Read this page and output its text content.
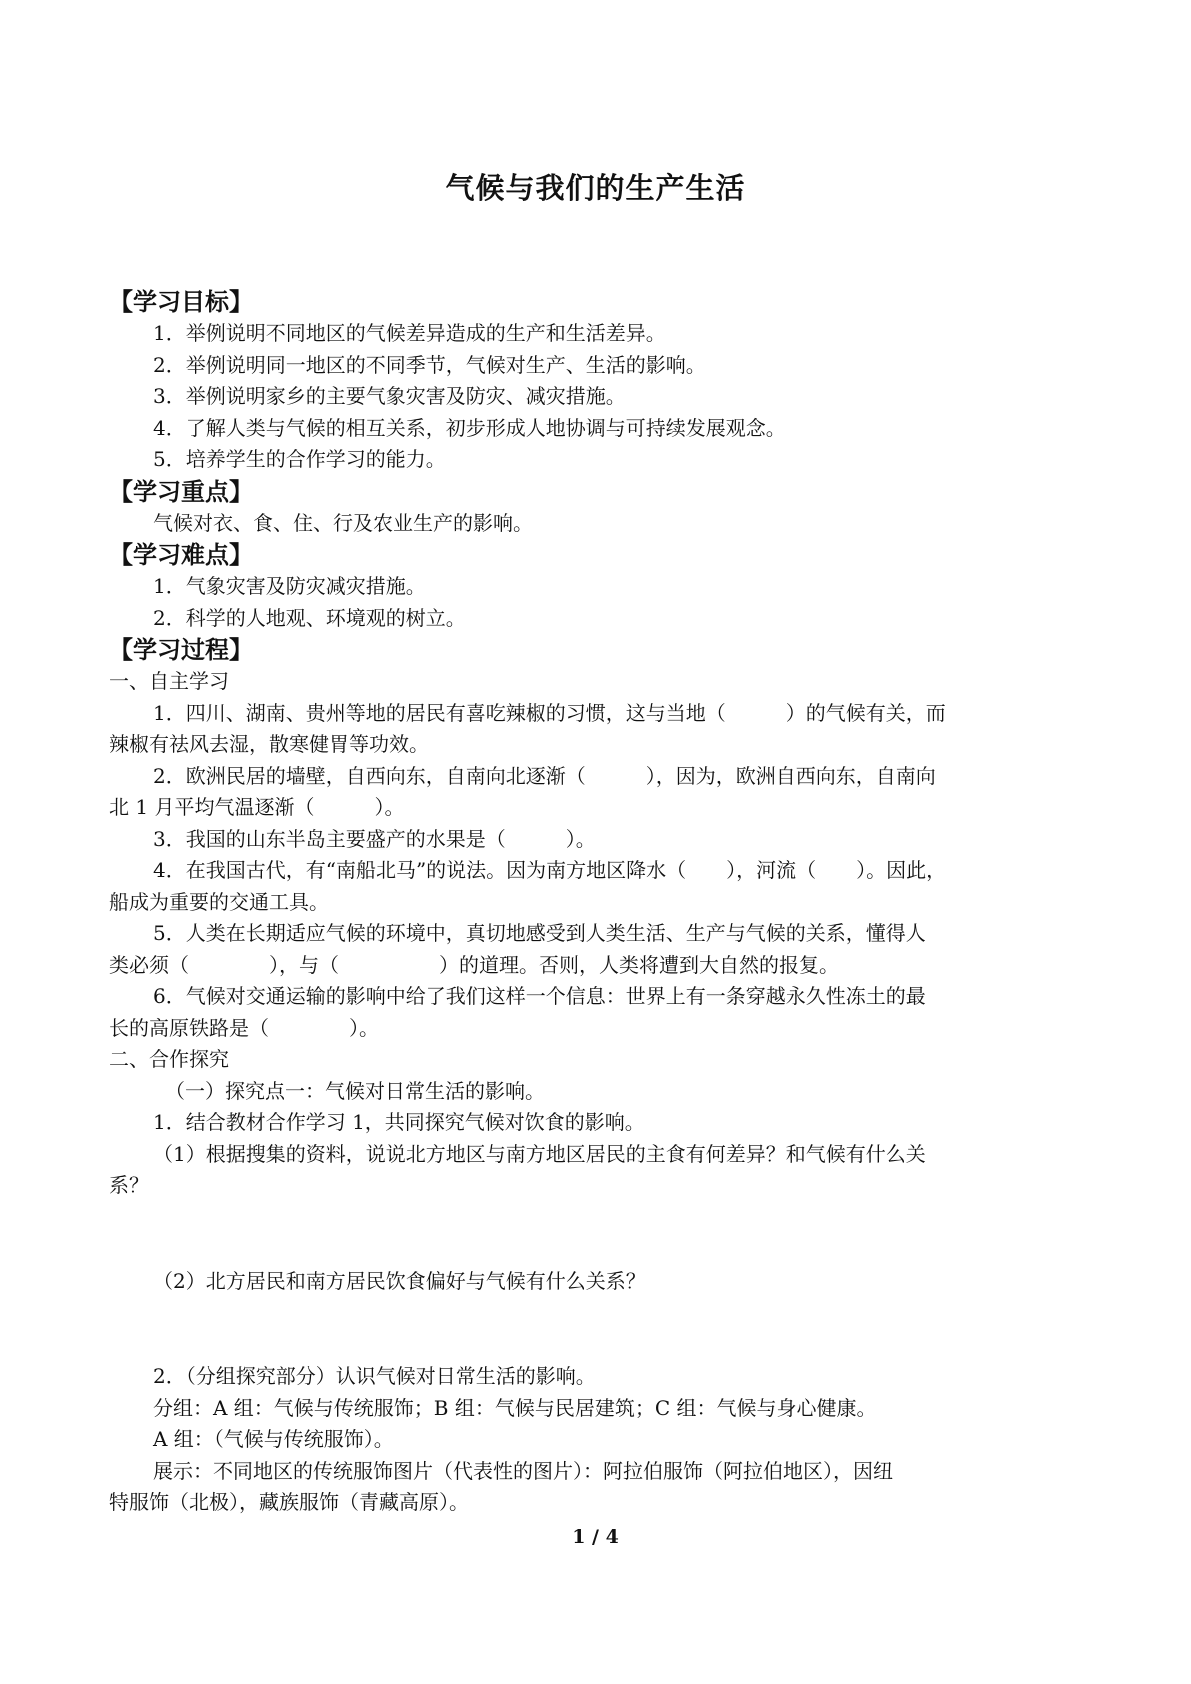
气候与我们的生产生活
【学习目标】
1．举例说明不同地区的气候差异造成的生产和生活差异。
2．举例说明同一地区的不同季节，气候对生产、生活的影响。
3．举例说明家乡的主要气象灾害及防灾、减灾措施。
4．了解人类与气候的相互关系，初步形成人地协调与可持续发展观念。
5．培养学生的合作学习的能力。
【学习重点】
气候对衣、食、住、行及农业生产的影响。
【学习难点】
1．气象灾害及防灾减灾措施。
2．科学的人地观、环境观的树立。
【学习过程】
一、自主学习
1．四川、湖南、贵州等地的居民有喜吃辣椒的习惯，这与当地（　　　）的气候有关，而
辣椒有祛风去湿，散寒健胃等功效。
2．欧洲民居的墙壁，自西向东，自南向北逐渐（　　　），因为，欧洲自西向东，自南向
北 1 月平均气温逐渐（　　　）。
3．我国的山东半岛主要盛产的水果是（　　　）。
4．在我国古代，有“南船北马”的说法。因为南方地区降水（　　），河流（　　）。因此，
船成为重要的交通工具。
5．人类在长期适应气候的环境中，真切地感受到人类生活、生产与气候的关系，懂得人
类必须（　　　　），与（　　　　　）的道理。否则，人类将遭到大自然的报复。
6．气候对交通运输的影响中给了我们这样一个信息：世界上有一条穿越永久性冻土的最
长的高原铁路是（　　　　）。
二、合作探究
（一）探究点一：气候对日常生活的影响。
1．结合教材合作学习 1，共同探究气候对饮食的影响。
（1）根据搜集的资料，说说北方地区与南方地区居民的主食有何差异？和气候有什么关
系？
（2）北方居民和南方居民饮食偏好与气候有什么关系？
2．（分组探究部分）认识气候对日常生活的影响。
分组：A 组：气候与传统服饰；B 组：气候与民居建筑；C 组：气候与身心健康。
A 组：（气候与传统服饰）。
展示：不同地区的传统服饰图片（代表性的图片）：阿拉伯服饰（阿拉伯地区），因纽
特服饰（北极），藏族服饰（青藏高原）。
1 / 4
